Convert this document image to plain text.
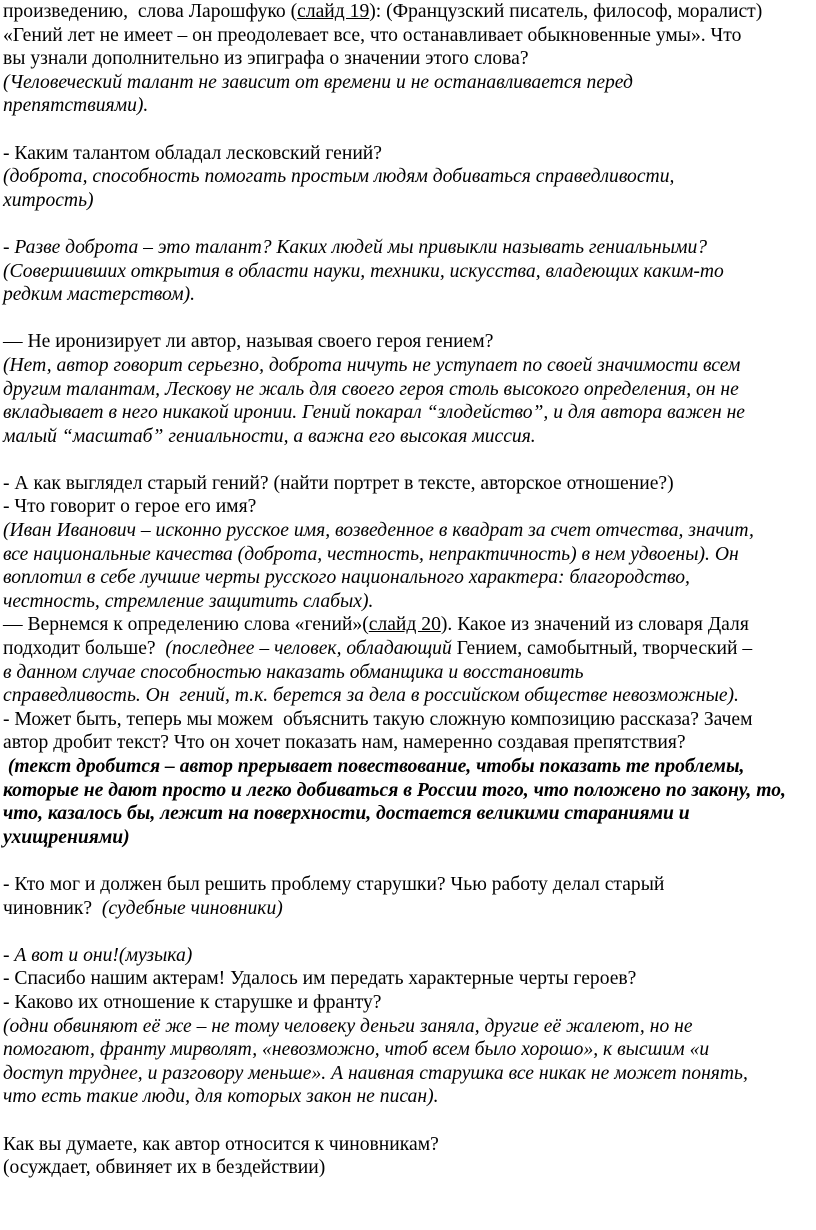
произведению,  слова Ларошфуко (слайд 19): (Французский писатель, философ, моралист)
«Гений лет не имеет – он преодолевает все, что останавливает обыкновенные умы». Что
вы узнали дополнительно из эпиграфа о значении этого слова?
(Человеческий талант не зависит от времени и не останавливается перед
препятствиями).
- Каким талантом обладал лесковский гений?
(доброта, способность помогать простым людям добиваться справедливости,
хитрость)
- Разве доброта – это талант? Каких людей мы привыкли называть гениальными?
(Совершивших открытия в области науки, техники, искусства, владеющих каким-то
редким мастерством).
— Не иронизирует ли автор, называя своего героя гением?
(Нет, автор говорит серьезно, доброта ничуть не уступает по своей значимости всем
другим талантам, Лескову не жаль для своего героя столь высокого определения, он не
вкладывает в него никакой иронии. Гений покарал “злодейство”, и для автора важен не
малый “масштаб” гениальности, а важна его высокая миссия.
- А как выглядел старый гений? (найти портрет в тексте, авторское отношение?)
- Что говорит о герое его имя?
(Иван Иванович – исконно русское имя, возведенное в квадрат за счет отчества, значит,
все национальные качества (доброта, честность, непрактичность) в нем удвоены). Он
воплотил в себе лучшие черты русского национального характера: благородство,
честность, стремление защитить слабых).
— Вернемся к определению слова «гений»(слайд 20). Какое из значений из словаря Даля
подходит больше?  (последнее – человек, обладающий Гением, самобытный, творческий –
в данном случае способностью наказать обманщика и восстановить
справедливость. Он  гений, т.к. берется за дела в российском обществе невозможные).
- Может быть, теперь мы можем  объяснить такую сложную композицию рассказа? Зачем
автор дробит текст? Что он хочет показать нам, намеренно создавая препятствия?
(текст дробится – автор прерывает повествование, чтобы показать те проблемы,
которые не дают просто и легко добиваться в России того, что положено по закону, то,
что, казалось бы, лежит на поверхности, достается великими стараниями и
ухищрениями)
- Кто мог и должен был решить проблему старушки? Чью работу делал старый
чиновник?  (судебные чиновники)
- А вот и они!(музыка)
- Спасибо нашим актерам! Удалось им передать характерные черты героев?
- Каково их отношение к старушке и франту?
(одни обвиняют её же – не тому человеку деньги заняла, другие её жалеют, но не
помогают, франту мирволят, «невозможно, чтоб всем было хорошо», к высшим «и
доступ труднее, и разговору меньше». А наивная старушка все никак не может понять,
что есть такие люди, для которых закон не писан).
Как вы думаете, как автор относится к чиновникам?
(осуждает, обвиняет их в бездействии)
